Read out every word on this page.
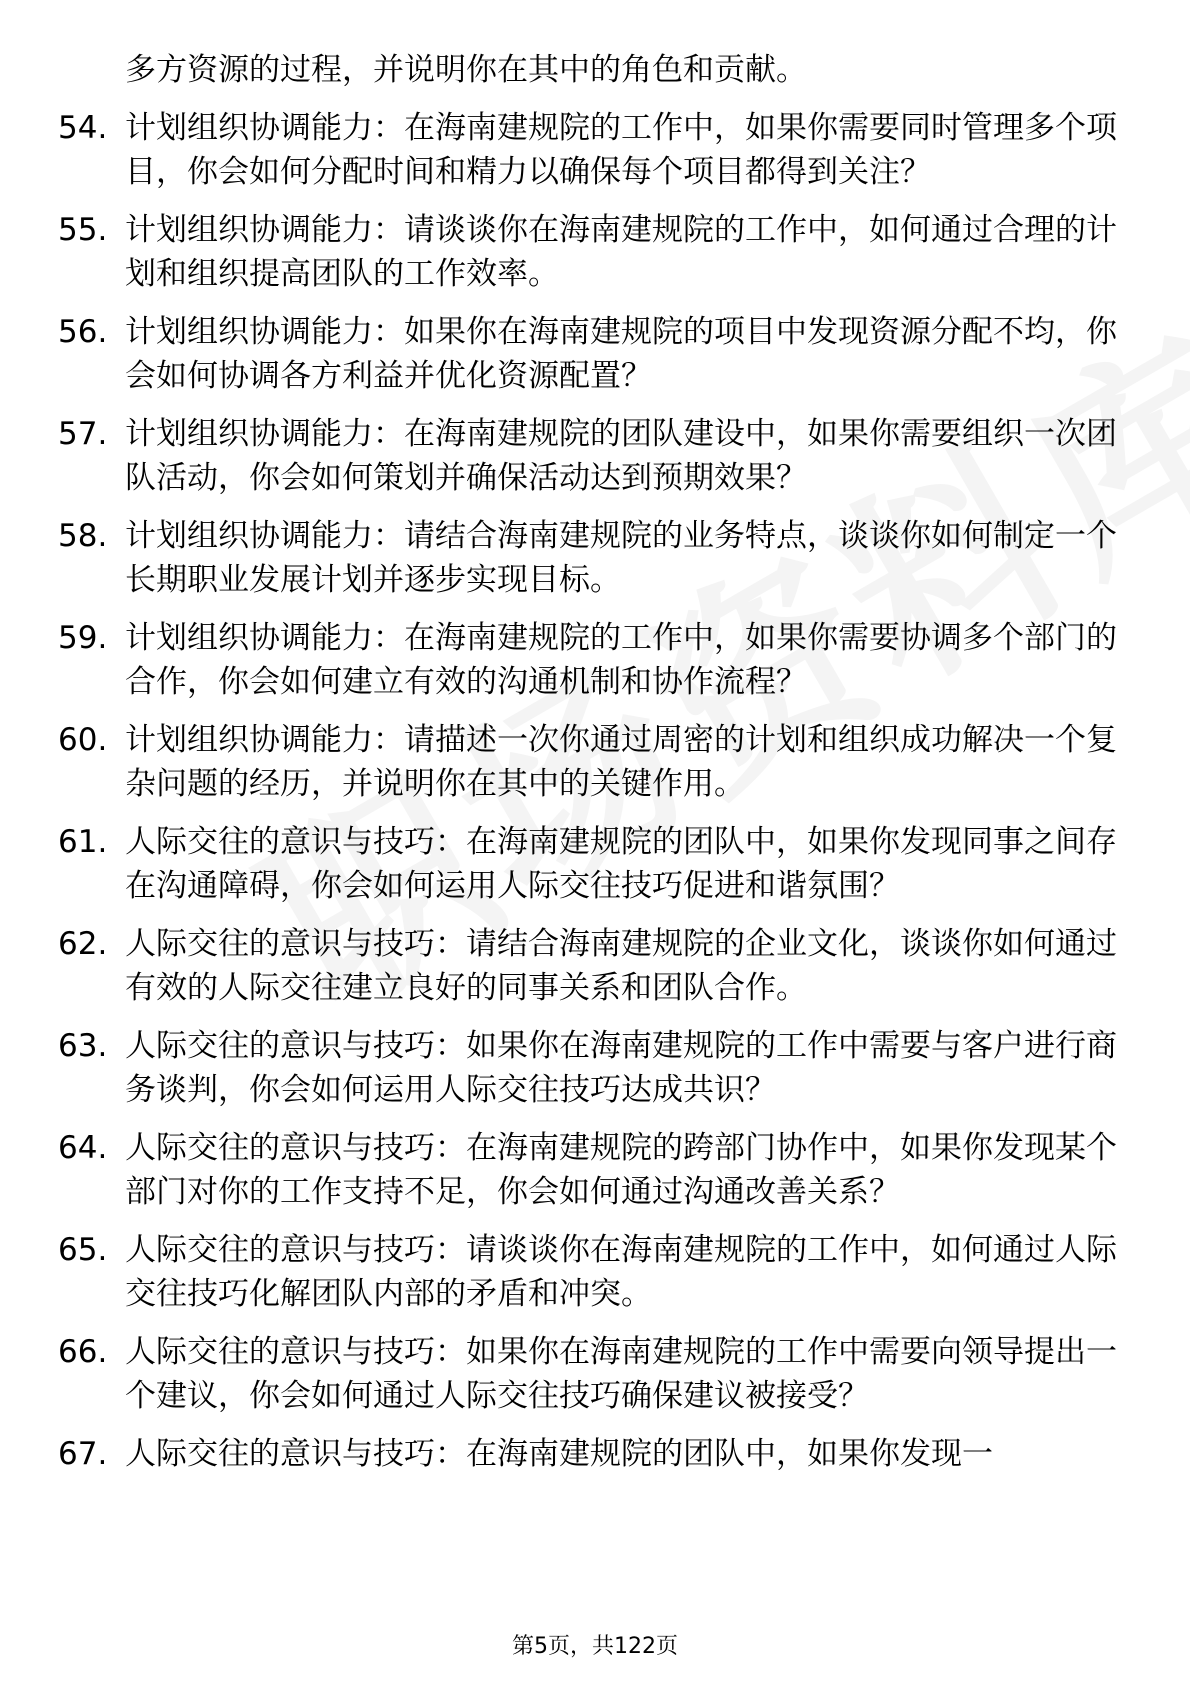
多方资源的过程，并说明你在其中的角色和贡献。
54. 计划组织协调能力：在海南建规院的工作中，如果你需要同时管理多个项目，你会如何分配时间和精力以确保每个项目都得到关注？
55. 计划组织协调能力：请谈谈你在海南建规院的工作中，如何通过合理的计划和组织提高团队的工作效率。
56. 计划组织协调能力：如果你在海南建规院的项目中发现资源分配不均，你会如何协调各方利益并优化资源配置？
57. 计划组织协调能力：在海南建规院的团队建设中，如果你需要组织一次团队活动，你会如何策划并确保活动达到预期效果？
58. 计划组织协调能力：请结合海南建规院的业务特点，谈谈你如何制定一个长期职业发展计划并逐步实现目标。
59. 计划组织协调能力：在海南建规院的工作中，如果你需要协调多个部门的合作，你会如何建立有效的沟通机制和协作流程？
60. 计划组织协调能力：请描述一次你通过周密的计划和组织成功解决一个复杂问题的经历，并说明你在其中的关键作用。
61. 人际交往的意识与技巧：在海南建规院的团队中，如果你发现同事之间存在沟通障碍，你会如何运用人际交往技巧促进和谐氛围？
62. 人际交往的意识与技巧：请结合海南建规院的企业文化，谈谈你如何通过有效的人际交往建立良好的同事关系和团队合作。
63. 人际交往的意识与技巧：如果你在海南建规院的工作中需要与客户进行商务谈判，你会如何运用人际交往技巧达成共识？
64. 人际交往的意识与技巧：在海南建规院的跨部门协作中，如果你发现某个部门对你的工作支持不足，你会如何通过沟通改善关系？
65. 人际交往的意识与技巧：请谈谈你在海南建规院的工作中，如何通过人际交往技巧化解团队内部的矛盾和冲突。
66. 人际交往的意识与技巧：如果你在海南建规院的工作中需要向领导提出一个建议，你会如何通过人际交往技巧确保建议被接受？
67. 人际交往的意识与技巧：在海南建规院的团队中，如果你发现一
第5页，共122页
